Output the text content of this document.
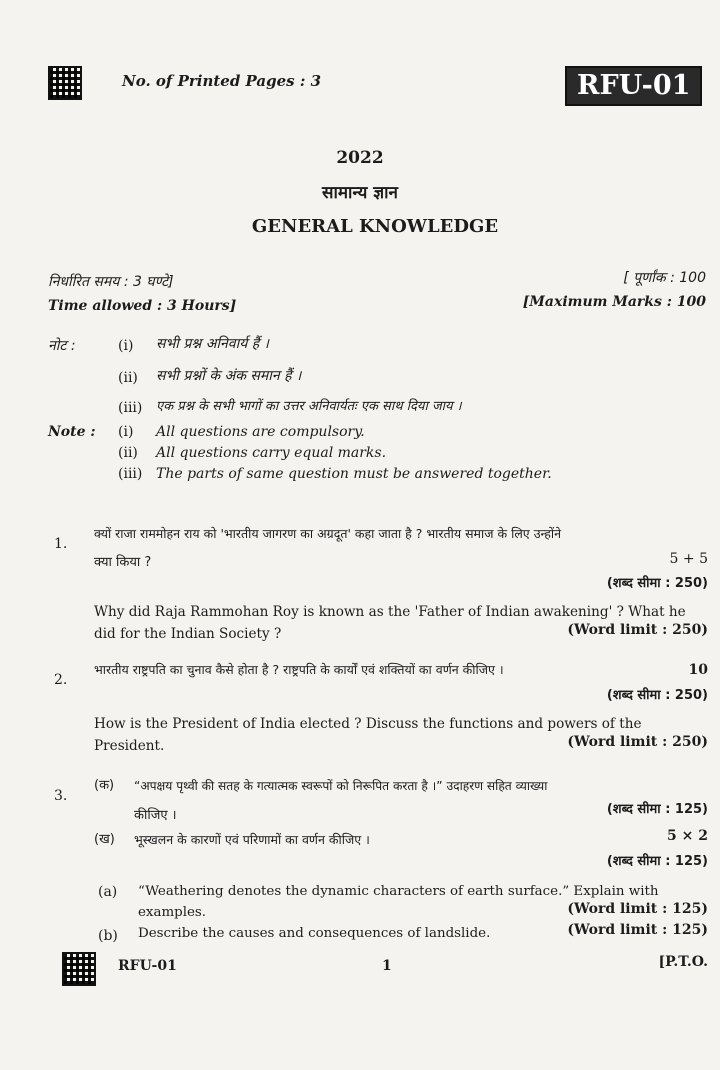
No. of Printed Pages : 3	RFU-01
2022
सामान्य ज्ञान
GENERAL KNOWLEDGE
निर्धारित समय : 3 घण्टे]
Time allowed : 3 Hours]
[ पूर्णांक : 100
[Maximum Marks : 100
नोट :	(i) सभी प्रश्न अनिवार्य हैं ।
(ii) सभी प्रश्नों के अंक समान हैं ।
(iii) एक प्रश्न के सभी भागों का उत्तर अनिवार्यतः एक साथ दिया जाय ।
Note : (i) All questions are compulsory.
(ii) All questions carry equal marks.
(iii) The parts of same question must be answered together.
1.
क्यों राजा राममोहन राय को 'भारतीय जागरण का अग्रदूत' कहा जाता है ? भारतीय समाज के लिए उन्होंने
क्या किया ?	5 + 5
(शब्द सीमा : 250)
Why did Raja Rammohan Roy is known as the 'Father of Indian awakening' ? What he
did for the Indian Society ?	(Word limit : 250)
2.
भारतीय राष्ट्रपति का चुनाव कैसे होता है ? राष्ट्रपति के कार्यों एवं शक्तियों का वर्णन कीजिए ।	10
(शब्द सीमा : 250)
How is the President of India elected ? Discuss the functions and powers of the
President.	(Word limit : 250)
3.
(क) “अपक्षय पृथ्वी की सतह के गत्यात्मक स्वरूपों को निरूपित करता है ।” उदाहरण सहित व्याख्या
कीजिए ।	(शब्द सीमा : 125)
(ख) भूस्खलन के कारणों एवं परिणामों का वर्णन कीजिए ।	5 × 2
(शब्द सीमा : 125)
(a) “Weathering denotes the dynamic characters of earth surface.” Explain with
examples.	(Word limit : 125)
(b) Describe the causes and consequences of landslide.	(Word limit : 125)
RFU-01	1	[P.T.O.
